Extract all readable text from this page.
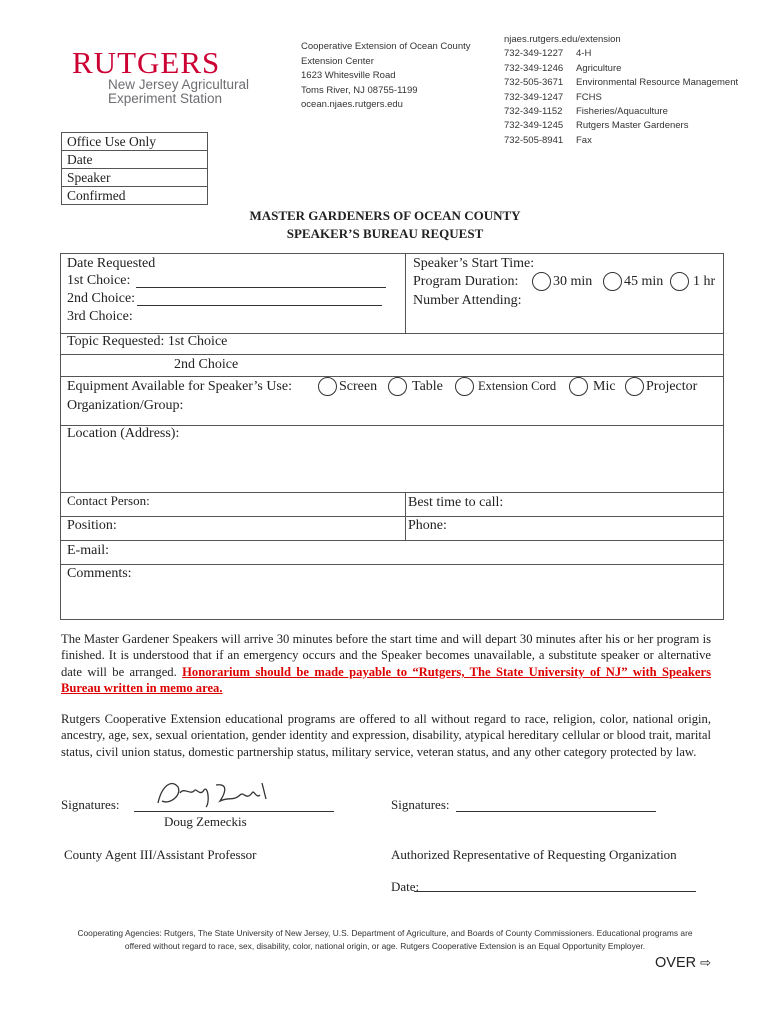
RUTGERS
New Jersey Agricultural
Experiment Station
Cooperative Extension of Ocean County
Extension Center
1623 Whitesville Road
Toms River, NJ 08755-1199
ocean.njaes.rutgers.edu
njaes.rutgers.edu/extension
732-349-1227 4-H
732-349-1246 Agriculture
732-505-3671 Environmental Resource Management
732-349-1247 FCHS
732-349-1152 Fisheries/Aquaculture
732-349-1245 Rutgers Master Gardeners
732-505-8941 Fax
Office Use Only
Date
Speaker
Confirmed
MASTER GARDENERS OF OCEAN COUNTY
SPEAKER’S BUREAU REQUEST
Date Requested
1st Choice:
2nd Choice:
3rd Choice:
Speaker’s Start Time:
Program Duration: 30 min 45 min 1 hr
Number Attending:
Topic Requested: 1st Choice
2nd Choice
Equipment Available for Speaker’s Use:	Screen Table	Extension Cord	Mic Projector
Organization/Group:
Location (Address):
Contact Person:	Best time to call:
Position:	Phone:
E-mail:
Comments:
The Master Gardener Speakers will arrive 30 minutes before the start time and will depart 30 minutes after his or her program is finished. It is understood that if an emergency occurs and the Speaker becomes unavailable, a substitute speaker or alternative date will be arranged. Honorarium should be made payable to “Rutgers, The State University of NJ” with Speakers Bureau written in memo area.
Rutgers Cooperative Extension educational programs are offered to all without regard to race, religion, color, national origin, ancestry, age, sex, sexual orientation, gender identity and expression, disability, atypical hereditary cellular or blood trait, marital status, civil union status, domestic partnership status, military service, veteran status, and any other category protected by law.
Signatures:
Doug Zemeckis
County Agent III/Assistant Professor
Signatures:
Authorized Representative of Requesting Organization
Date:
Cooperating Agencies: Rutgers, The State University of New Jersey, U.S. Department of Agriculture, and Boards of County Commissioners. Educational programs are
offered without regard to race, sex, disability, color, national origin, or age. Rutgers Cooperative Extension is an Equal Opportunity Employer.
OVER ⇨
